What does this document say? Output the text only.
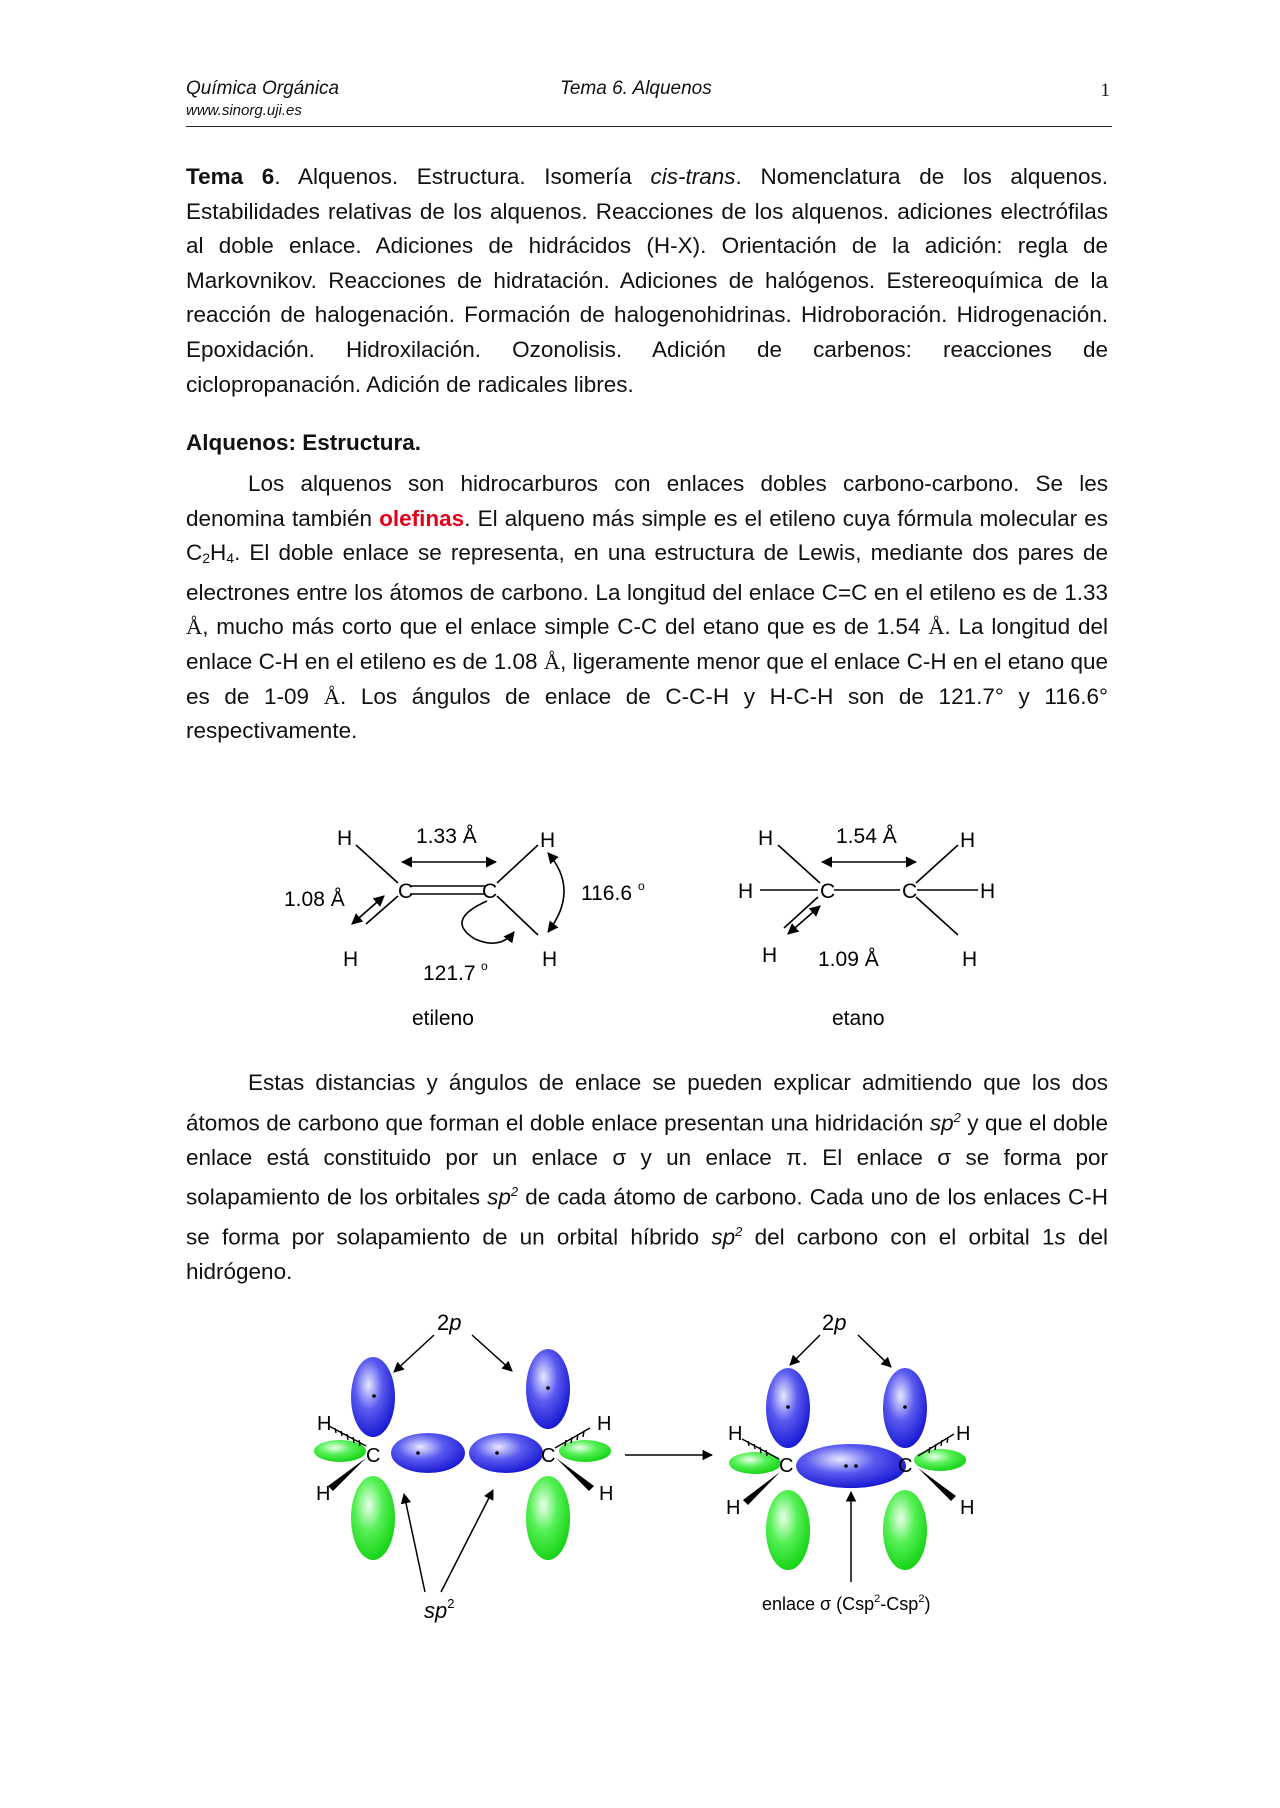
Química Orgánica
www.sinorg.uji.es
Tema 6. Alquenos	1
Tema 6. Alquenos. Estructura. Isomería cis-trans. Nomenclatura de los alquenos. Estabilidades relativas de los alquenos. Reacciones de los alquenos. adiciones electrófilas al doble enlace. Adiciones de hidrácidos (H-X). Orientación de la adición: regla de Markovnikov. Reacciones de hidratación. Adiciones de halógenos. Estereoquímica de la reacción de halogenación. Formación de halogenohidrinas. Hidroboración. Hidrogenación. Epoxidación. Hidroxilación. Ozonolisis. Adición de carbenos: reacciones de ciclopropanación. Adición de radicales libres.
Alquenos: Estructura.
Los alquenos son hidrocarburos con enlaces dobles carbono-carbono. Se les denomina también olefinas. El alqueno más simple es el etileno cuya fórmula molecular es $C_2H_4$. El doble enlace se representa, en una estructura de Lewis, mediante dos pares de electrones entre los átomos de carbono. La longitud del enlace C=C en el etileno es de 1.33 Å, mucho más corto que el enlace simple C-C del etano que es de 1.54 Å. La longitud del enlace C-H en el etileno es de 1.08 Å, ligeramente menor que el enlace C-H en el etano que es de 1-09 Å. Los ángulos de enlace de C-C-H y H-C-H son de 121.7° y 116.6° respectivamente.
H	H
H	H
C	C
1.33 Å
1.08 Å	116.6 o
121.7 o
etileno
H	H
H	H
H	H
C	C
1.54 Å
1.09 Å
etano
Estas distancias y ángulos de enlace se pueden explicar admitiendo que los dos átomos de carbono que forman el doble enlace presentan una hidridación $sp^2$ y que el doble enlace está constituido por un enlace σ y un enlace π. El enlace σ se forma por solapamiento de los orbitales $sp^2$ de cada átomo de carbono. Cada uno de los enlaces C-H se forma por solapamiento de un orbital híbrido $sp^2$ del carbono con el orbital 1s del hidrógeno.
H
H
C	C
H
H
2p
$sp^2$
H
H
C	C
H
H
2p
enlace σ (Csp$^2$-Csp$^2$)
